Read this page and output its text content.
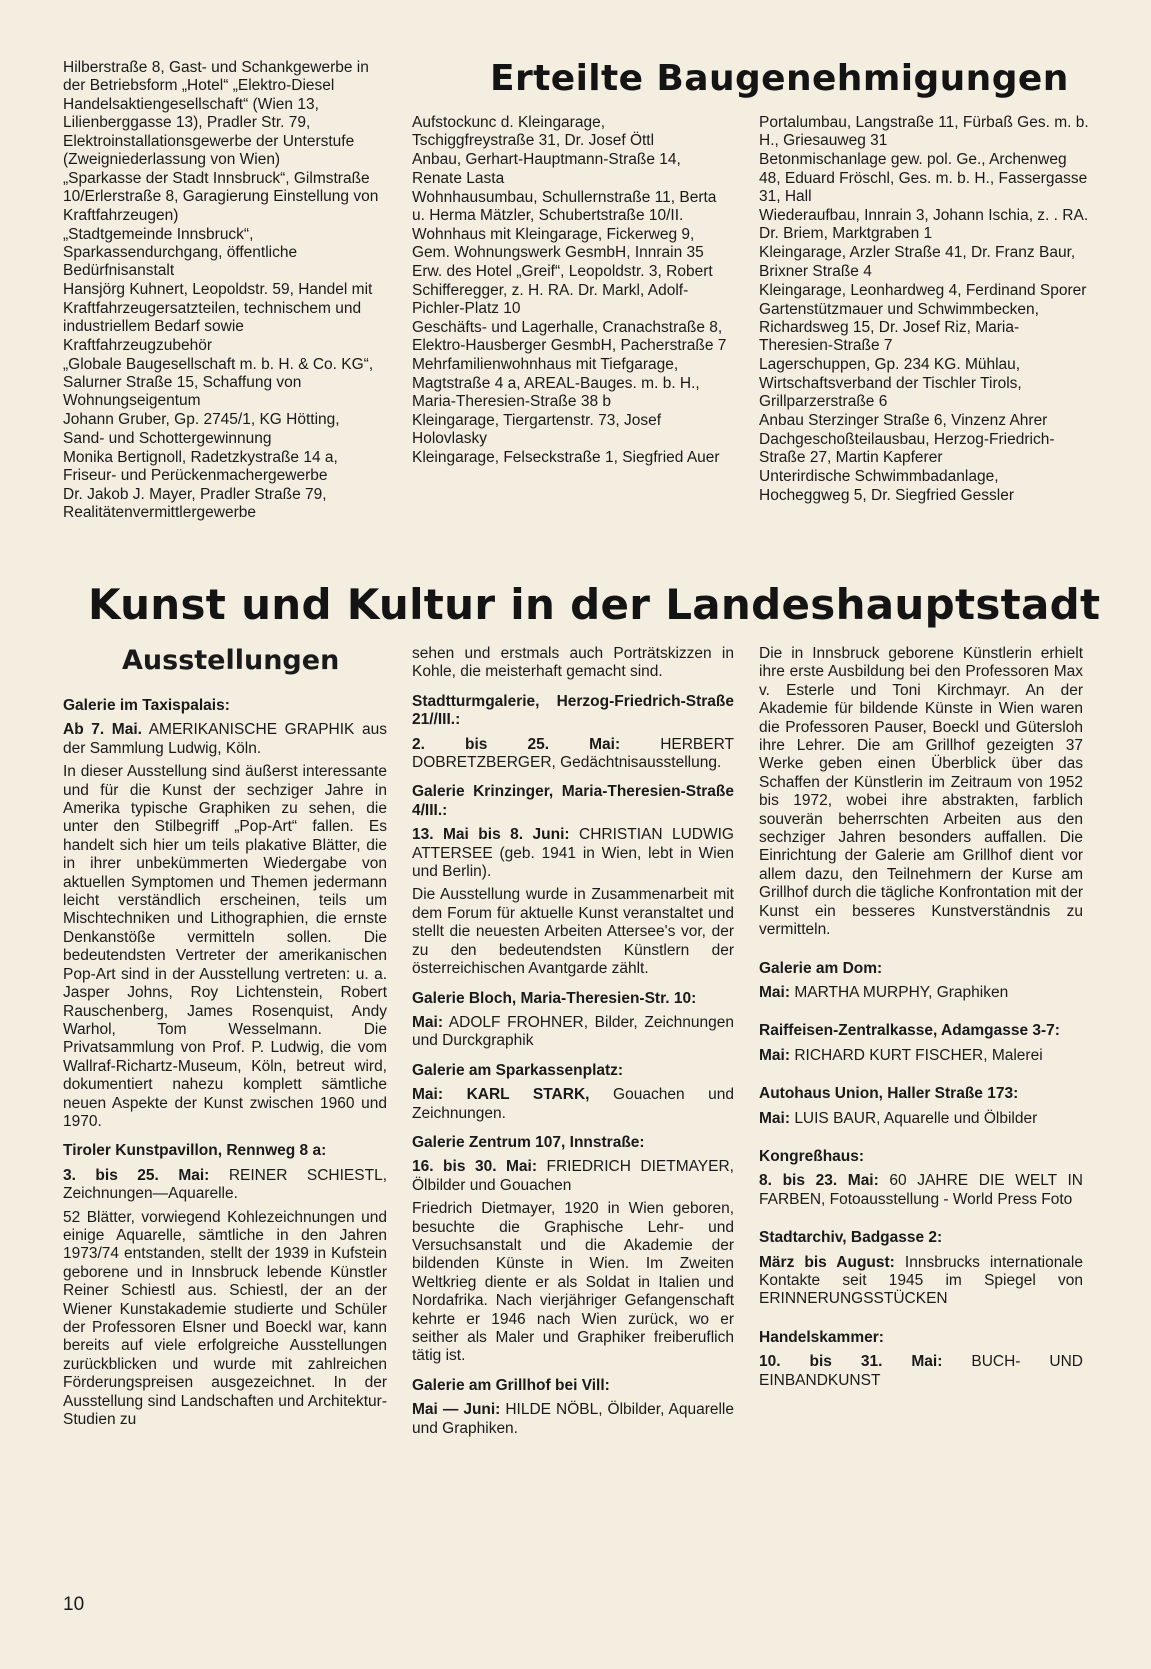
Hilberstraße 8, Gast- und Schankgewerbe in der Betriebsform „Hotel“ „Elektro-Diesel Handelsaktiengesellschaft“ (Wien 13, Lilienberggasse 13), Pradler Str. 79, Elektroinstallationsgewerbe der Unterstufe (Zweigniederlassung von Wien)

„Sparkasse der Stadt Innsbruck“, Gilmstraße 10/Erlerstraße 8, Garagierung Einstellung von Kraftfahrzeugen)

„Stadtgemeinde Innsbruck“, Sparkassendurchgang, öffentliche Bedürfnisanstalt

Hansjörg Kuhnert, Leopoldstr. 59, Handel mit Kraftfahrzeugersatzteilen, technischem und industriellem Bedarf sowie Kraftfahrzeugzubehör

„Globale Baugesellschaft m. b. H. & Co. KG“, Salurner Straße 15, Schaffung von Wohnungseigentum

Johann Gruber, Gp. 2745/1, KG Hötting, Sand- und Schottergewinnung

Monika Bertignoll, Radetzkystraße 14 a, Friseur- und Perückenmachergewerbe

Dr. Jakob J. Mayer, Pradler Straße 79, Realitätenvermittlergewerbe

Erteilte Baugenehmigungen

Aufstockunc d. Kleingarage, Tschiggfreystraße 31, Dr. Josef Öttl

Anbau, Gerhart-Hauptmann-Straße 14, Renate Lasta

Wohnhausumbau, Schullernstraße 11, Berta u. Herma Mätzler, Schubertstraße 10/II.

Wohnhaus mit Kleingarage, Fickerweg 9, Gem. Wohnungswerk GesmbH, Innrain 35

Erw. des Hotel „Greif“, Leopoldstr. 3, Robert Schifferegger, z. H. RA. Dr. Markl, Adolf-Pichler-Platz 10

Geschäfts- und Lagerhalle, Cranachstraße 8, Elektro-Hausberger GesmbH, Pacherstraße 7

Mehrfamilienwohnhaus mit Tiefgarage, Magtstraße 4 a, AREAL-Bauges. m. b. H., Maria-Theresien-Straße 38 b

Kleingarage, Tiergartenstr. 73, Josef Holovlasky

Kleingarage, Felseckstraße 1, Siegfried Auer

Portalumbau, Langstraße 11, Fürbaß Ges. m. b. H., Griesauweg 31

Betonmischanlage gew. pol. Ge., Archenweg 48, Eduard Fröschl, Ges. m. b. H., Fassergasse 31, Hall

Wiederaufbau, Innrain 3, Johann Ischia, z. . RA. Dr. Briem, Marktgraben 1

Kleingarage, Arzler Straße 41, Dr. Franz Baur, Brixner Straße 4

Kleingarage, Leonhardweg 4, Ferdinand Sporer

Gartenstützmauer und Schwimmbecken, Richardsweg 15, Dr. Josef Riz, Maria-Theresien-Straße 7

Lagerschuppen, Gp. 234 KG. Mühlau, Wirtschaftsverband der Tischler Tirols, Grillparzerstraße 6

Anbau Sterzinger Straße 6, Vinzenz Ahrer

Dachgeschoßteilausbau, Herzog-Friedrich-Straße 27, Martin Kapferer

Unterirdische Schwimmbadanlage, Hocheggweg 5, Dr. Siegfried Gessler

Kunst und Kultur in der Landeshauptstadt
Ausstellungen

Galerie im Taxispalais:

Ab 7. Mai. AMERIKANISCHE GRAPHIK aus der Sammlung Ludwig, Köln.

In dieser Ausstellung sind äußerst interessante und für die Kunst der sechziger Jahre in Amerika typische Graphiken zu sehen, die unter den Stilbegriff „Pop-Art“ fallen. Es handelt sich hier um teils plakative Blätter, die in ihrer unbekümmerten Wiedergabe von aktuellen Symptomen und Themen jedermann leicht verständlich erscheinen, teils um Mischtechniken und Lithographien, die ernste Denkanstöße vermitteln sollen. Die bedeutendsten Vertreter der amerikanischen Pop-Art sind in der Ausstellung vertreten: u. a. Jasper Johns, Roy Lichtenstein, Robert Rauschenberg, James Rosenquist, Andy Warhol, Tom Wesselmann. Die Privatsammlung von Prof. P. Ludwig, die vom Wallraf-Richartz-Museum, Köln, betreut wird, dokumentiert nahezu komplett sämtliche neuen Aspekte der Kunst zwischen 1960 und 1970.

Tiroler Kunstpavillon, Rennweg 8 a:

3. bis 25. Mai: REINER SCHIESTL, Zeichnungen—Aquarelle.

52 Blätter, vorwiegend Kohlezeichnungen und einige Aquarelle, sämtliche in den Jahren 1973/74 entstanden, stellt der 1939 in Kufstein geborene und in Innsbruck lebende Künstler Reiner Schiestl aus. Schiestl, der an der Wiener Kunstakademie studierte und Schüler der Professoren Elsner und Boeckl war, kann bereits auf viele erfolgreiche Ausstellungen zurückblicken und wurde mit zahlreichen Förderungspreisen ausgezeichnet. In der Ausstellung sind Landschaften und Architektur-Studien zu

sehen und erstmals auch Porträtskizzen in Kohle, die meisterhaft gemacht sind.

Stadtturmgalerie, Herzog-Friedrich-Straße 21//III.:

2. bis 25. Mai:	HERBERT DOBRETZBERGER, Gedächtnisausstellung.

Galerie Krinzinger, Maria-Theresien-Straße 4/III.:

13. Mai bis 8. Juni: CHRISTIAN LUDWIG ATTERSEE (geb. 1941 in Wien, lebt in Wien und Berlin).

Die Ausstellung wurde in Zusammenarbeit mit dem Forum für aktuelle Kunst veranstaltet und stellt die neuesten Arbeiten Attersee's vor, der zu den bedeutendsten Künstlern der österreichischen Avantgarde zählt.

Galerie Bloch, Maria-Theresien-Str. 10:

Mai: ADOLF FROHNER, Bilder, Zeichnungen und Durckgraphik

Galerie am Sparkassenplatz:

Mai: KARL STARK, Gouachen und Zeichnungen.

Galerie Zentrum 107, Innstraße:

16. bis 30. Mai: FRIEDRICH DIETMAYER, Ölbilder und Gouachen

Friedrich Dietmayer, 1920 in Wien geboren, besuchte die Graphische Lehr- und Versuchsanstalt und die Akademie der bildenden Künste in Wien. Im Zweiten Weltkrieg diente er als Soldat in Italien und Nordafrika. Nach vierjähriger Gefangenschaft kehrte er 1946 nach Wien zurück, wo er seither als Maler und Graphiker freiberuflich tätig ist.

Galerie am Grillhof bei Vill:

Mai — Juni: HILDE NÖBL, Ölbilder, Aquarelle und Graphiken.

Die in Innsbruck geborene Künstlerin erhielt ihre erste Ausbildung bei den Professoren Max v. Esterle und Toni Kirchmayr. An der Akademie für bildende Künste in Wien waren die Professoren Pauser, Boeckl und Gütersloh ihre Lehrer. Die am Grillhof gezeigten 37 Werke geben einen Überblick über das Schaffen der Künstlerin im Zeitraum von 1952 bis 1972, wobei ihre abstrakten, farblich souverän beherrschten Arbeiten aus den sechziger Jahren besonders auffallen. Die Einrichtung der Galerie am Grillhof dient vor allem dazu, den Teilnehmern der Kurse am Grillhof durch die tägliche Konfrontation mit der Kunst ein besseres Kunstverständnis zu vermitteln.

Galerie am Dom:

Mai: MARTHA MURPHY, Graphiken

Raiffeisen-Zentralkasse, Adamgasse 3-7:

Mai: RICHARD KURT FISCHER, Malerei

Autohaus Union, Haller Straße 173:

Mai: LUIS BAUR, Aquarelle und Ölbilder

Kongreßhaus:

8. bis 23. Mai: 60 JAHRE DIE WELT IN FARBEN, Fotoausstellung - World Press Foto

Stadtarchiv, Badgasse 2:

März bis August: Innsbrucks internationale Kontakte seit 1945 im Spiegel von ERINNERUNGSSTÜCKEN

Handelskammer:

10. bis 31. Mai: BUCH- UND EINBANDKUNST

10
